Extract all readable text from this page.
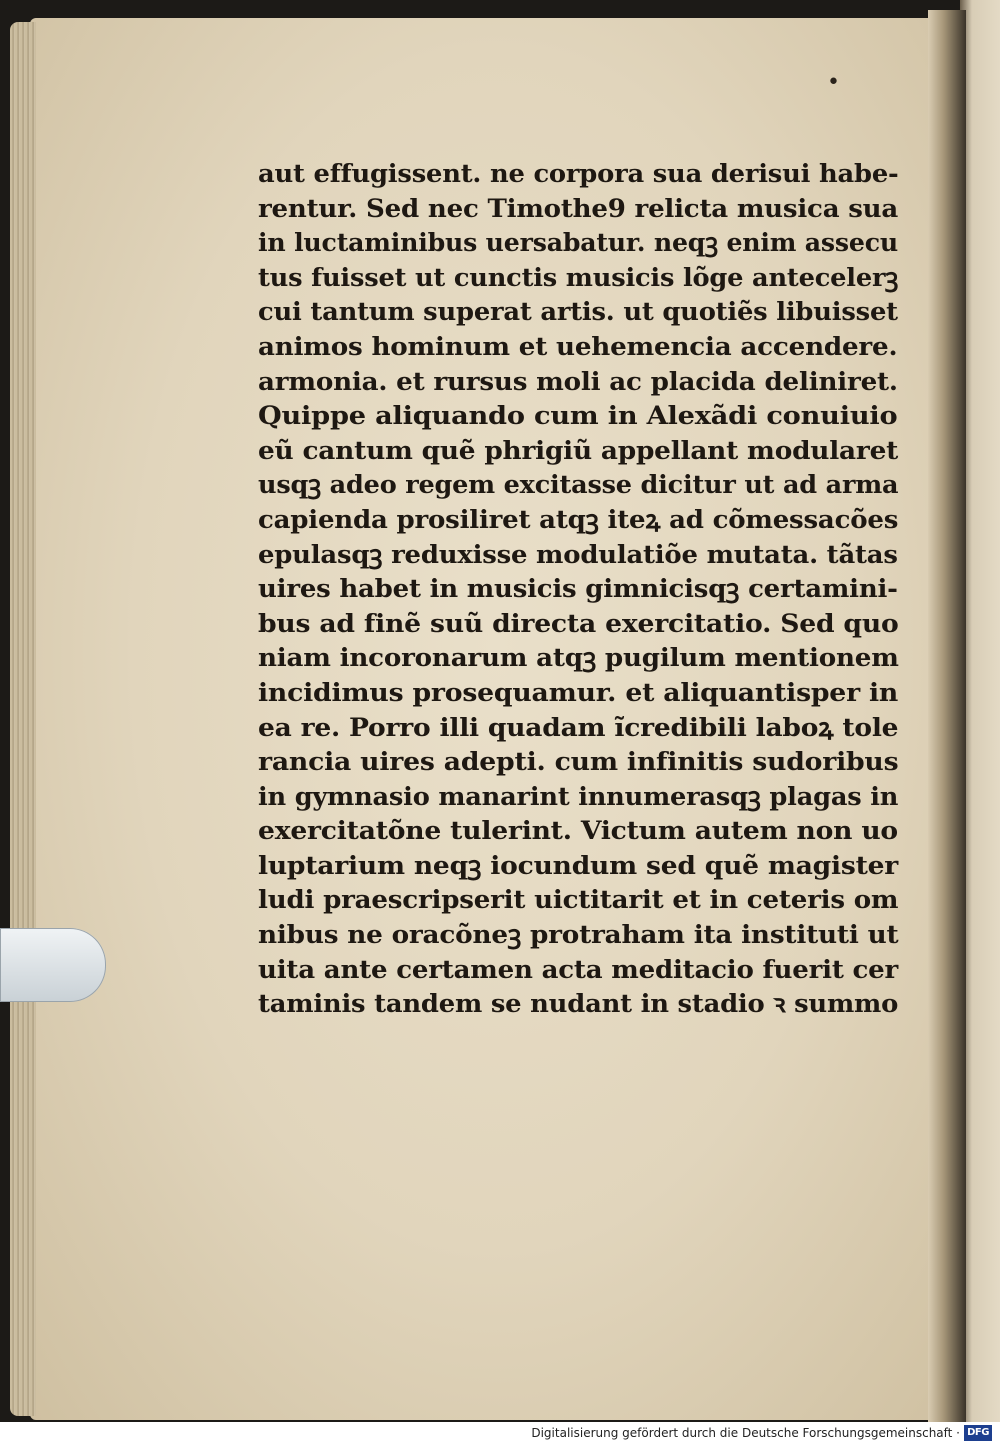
•
aut effugissent. ne corpora sua derisui habe-
rentur. Sed nec Timothe9 relicta musica sua
in luctaminibus uersabatur. neqꝫ enim assecu
tus fuisset ut cunctis musicis lõge antecelerꝫ
cui tantum superat artis. ut quotiẽs libuisset
animos hominum et uehemencia accendere.
armonia. et rursus moli ac placida deliniret.
Quippe aliquando cum in Alexãdi conuiuio
eũ cantum quẽ phrigiũ appellant modularet
usqꝫ adeo regem excitasse dicitur ut ad arma
capienda prosiliret atqꝫ iteꝝ ad cõmessacões
epulasqꝫ reduxisse modulatiõe mutata. tãtas
uires habet in musicis gimnicisqꝫ certamini-
bus ad finẽ suũ directa exercitatio. Sed quo
niam incoronarum atqꝫ pugilum mentionem
incidimus prosequamur. et aliquantisper in
ea re. Porro illi quadam ĩcredibili laboꝝ tole
rancia uires adepti. cum infinitis sudoribus
in gymnasio manarint innumerasqꝫ plagas in
exercitatõne tulerint. Victum autem non uo
luptarium neqꝫ iocundum sed quẽ magister
ludi praescripserit uictitarit et in ceteris om
nibus ne oracõneꝫ protraham ita instituti ut
uita ante certamen acta meditacio fuerit cer
taminis tandem se nudant in stadio ꝛ summo
Digitalisierung gefördert durch die Deutsche Forschungsgemeinschaft · DFG
